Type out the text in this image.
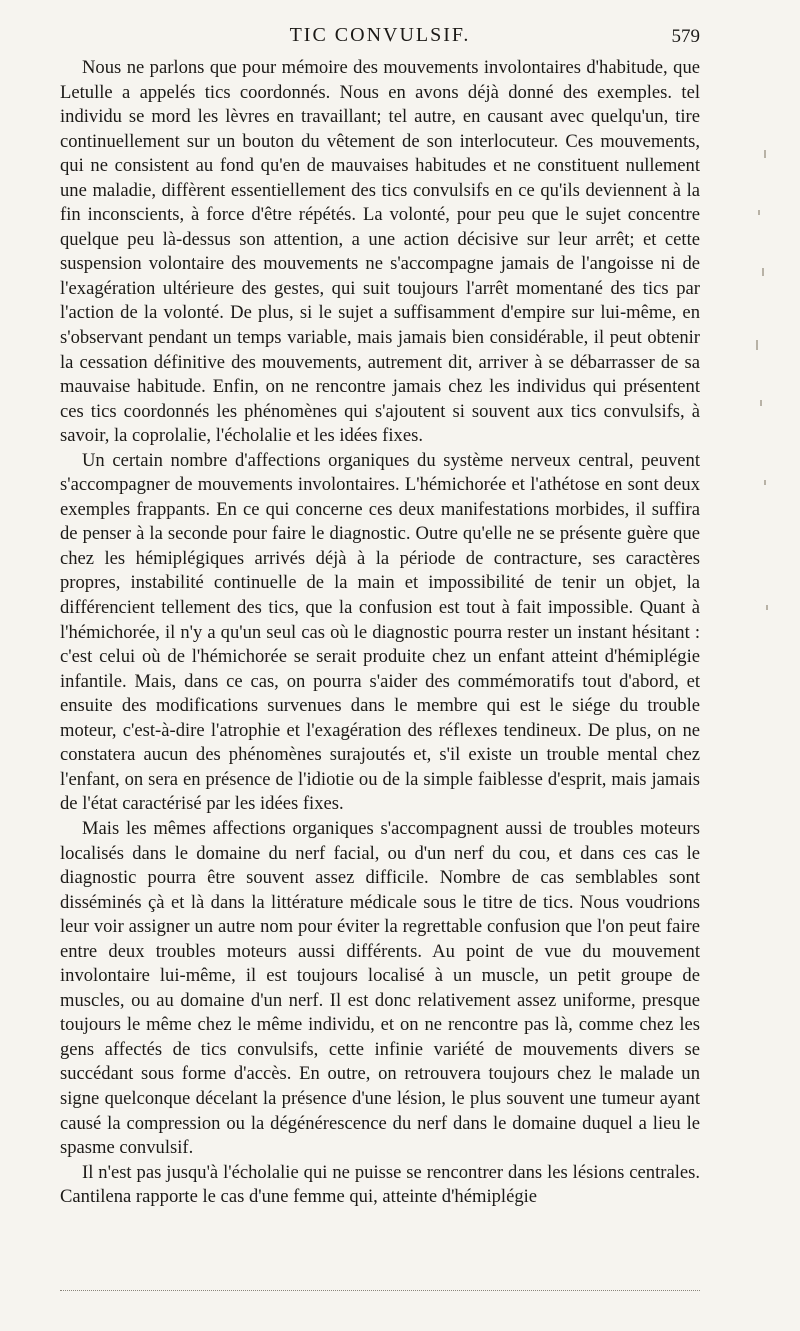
TIC CONVULSIF.	579

Nous ne parlons que pour mémoire des mouvements involontaires d'habitude, que Letulle a appelés tics coordonnés. Nous en avons déjà donné des exemples. tel individu se mord les lèvres en travaillant; tel autre, en causant avec quelqu'un, tire continuellement sur un bouton du vêtement de son interlocuteur. Ces mouvements, qui ne consistent au fond qu'en de mauvaises habitudes et ne constituent nullement une maladie, diffèrent essentiellement des tics convulsifs en ce qu'ils deviennent à la fin inconscients, à force d'être répétés. La volonté, pour peu que le sujet concentre quelque peu là-dessus son attention, a une action décisive sur leur arrêt; et cette suspension volontaire des mouvements ne s'accompagne jamais de l'angoisse ni de l'exagération ultérieure des gestes, qui suit toujours l'arrêt momentané des tics par l'action de la volonté. De plus, si le sujet a suffisamment d'empire sur lui-même, en s'observant pendant un temps variable, mais jamais bien considérable, il peut obtenir la cessation définitive des mouvements, autrement dit, arriver à se débarrasser de sa mauvaise habitude. Enfin, on ne rencontre jamais chez les individus qui présentent ces tics coordonnés les phénomènes qui s'ajoutent si souvent aux tics convulsifs, à savoir, la coprolalie, l'écholalie et les idées fixes.

Un certain nombre d'affections organiques du système nerveux central, peuvent s'accompagner de mouvements involontaires. L'hémichorée et l'athétose en sont deux exemples frappants. En ce qui concerne ces deux manifestations morbides, il suffira de penser à la seconde pour faire le diagnostic. Outre qu'elle ne se présente guère que chez les hémiplégiques arrivés déjà à la période de contracture, ses caractères propres, instabilité continuelle de la main et impossibilité de tenir un objet, la différencient tellement des tics, que la confusion est tout à fait impossible. Quant à l'hémichorée, il n'y a qu'un seul cas où le diagnostic pourra rester un instant hésitant : c'est celui où de l'hémichorée se serait produite chez un enfant atteint d'hémiplégie infantile. Mais, dans ce cas, on pourra s'aider des commémoratifs tout d'abord, et ensuite des modifications survenues dans le membre qui est le siége du trouble moteur, c'est-à-dire l'atrophie et l'exagération des réflexes tendineux. De plus, on ne constatera aucun des phénomènes surajoutés et, s'il existe un trouble mental chez l'enfant, on sera en présence de l'idiotie ou de la simple faiblesse d'esprit, mais jamais de l'état caractérisé par les idées fixes.

Mais les mêmes affections organiques s'accompagnent aussi de troubles moteurs localisés dans le domaine du nerf facial, ou d'un nerf du cou, et dans ces cas le diagnostic pourra être souvent assez difficile. Nombre de cas semblables sont disséminés çà et là dans la littérature médicale sous le titre de tics. Nous voudrions leur voir assigner un autre nom pour éviter la regrettable confusion que l'on peut faire entre deux troubles moteurs aussi différents. Au point de vue du mouvement involontaire lui-même, il est toujours localisé à un muscle, un petit groupe de muscles, ou au domaine d'un nerf. Il est donc relativement assez uniforme, presque toujours le même chez le même individu, et on ne rencontre pas là, comme chez les gens affectés de tics convulsifs, cette infinie variété de mouvements divers se succédant sous forme d'accès. En outre, on retrouvera toujours chez le malade un signe quelconque décelant la présence d'une lésion, le plus souvent une tumeur ayant causé la compression ou la dégénérescence du nerf dans le domaine duquel a lieu le spasme convulsif.

Il n'est pas jusqu'à l'écholalie qui ne puisse se rencontrer dans les lésions centrales. Cantilena rapporte le cas d'une femme qui, atteinte d'hémiplégie
